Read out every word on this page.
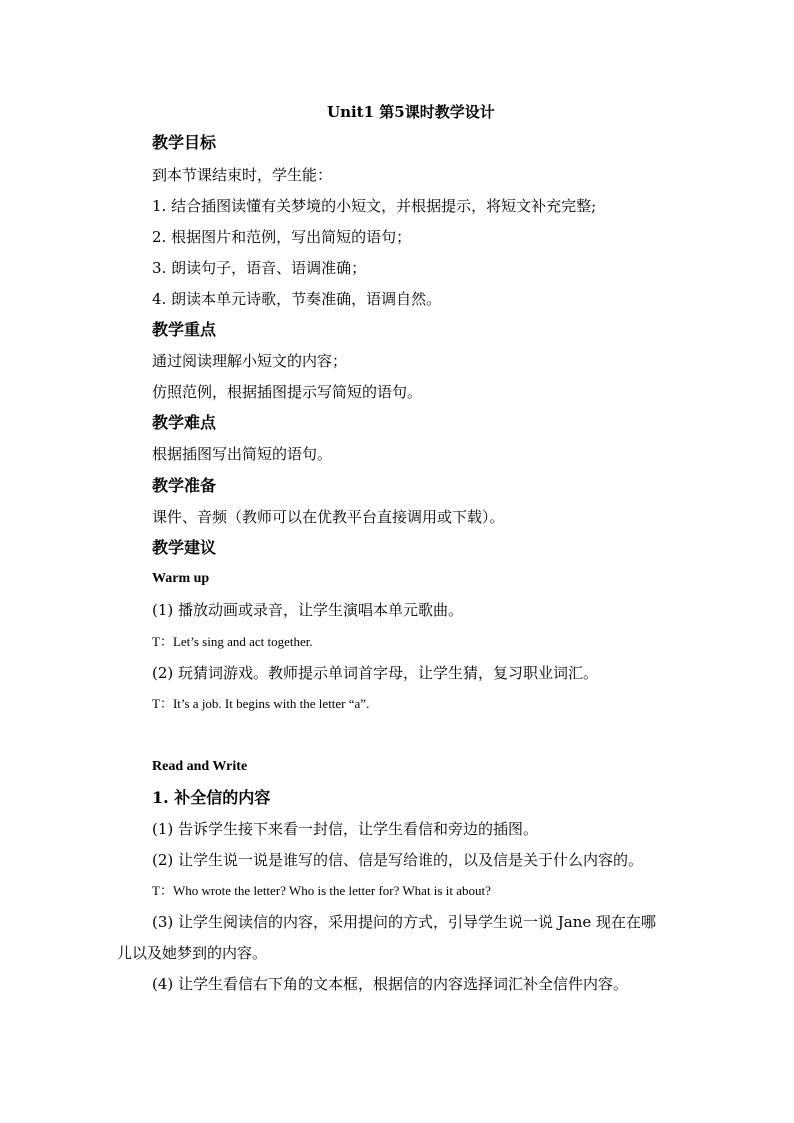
Unit1 第5课时教学设计
教学目标
到本节课结束时，学生能：
1. 结合插图读懂有关梦境的小短文，并根据提示，将短文补充完整;
2. 根据图片和范例，写出简短的语句；
3. 朗读句子，语音、语调准确；
4. 朗读本单元诗歌，节奏准确，语调自然。
教学重点
通过阅读理解小短文的内容；
仿照范例，根据插图提示写简短的语句。
教学难点
根据插图写出简短的语句。
教学准备
课件、音频（教师可以在优教平台直接调用或下载）。
教学建议
Warm up
(1) 播放动画或录音，让学生演唱本单元歌曲。
T：Let’s sing and act together.
(2) 玩猜词游戏。教师提示单词首字母，让学生猜，复习职业词汇。
T：It’s a job. It begins with the letter “a”.
Read and Write
1. 补全信的内容
(1) 告诉学生接下来看一封信，让学生看信和旁边的插图。
(2) 让学生说一说是谁写的信、信是写给谁的，以及信是关于什么内容的。
T：Who wrote the letter? Who is the letter for? What is it about?
(3) 让学生阅读信的内容，采用提问的方式，引导学生说一说 Jane 现在在哪
儿以及她梦到的内容。
(4) 让学生看信右下角的文本框，根据信的内容选择词汇补全信件内容。
